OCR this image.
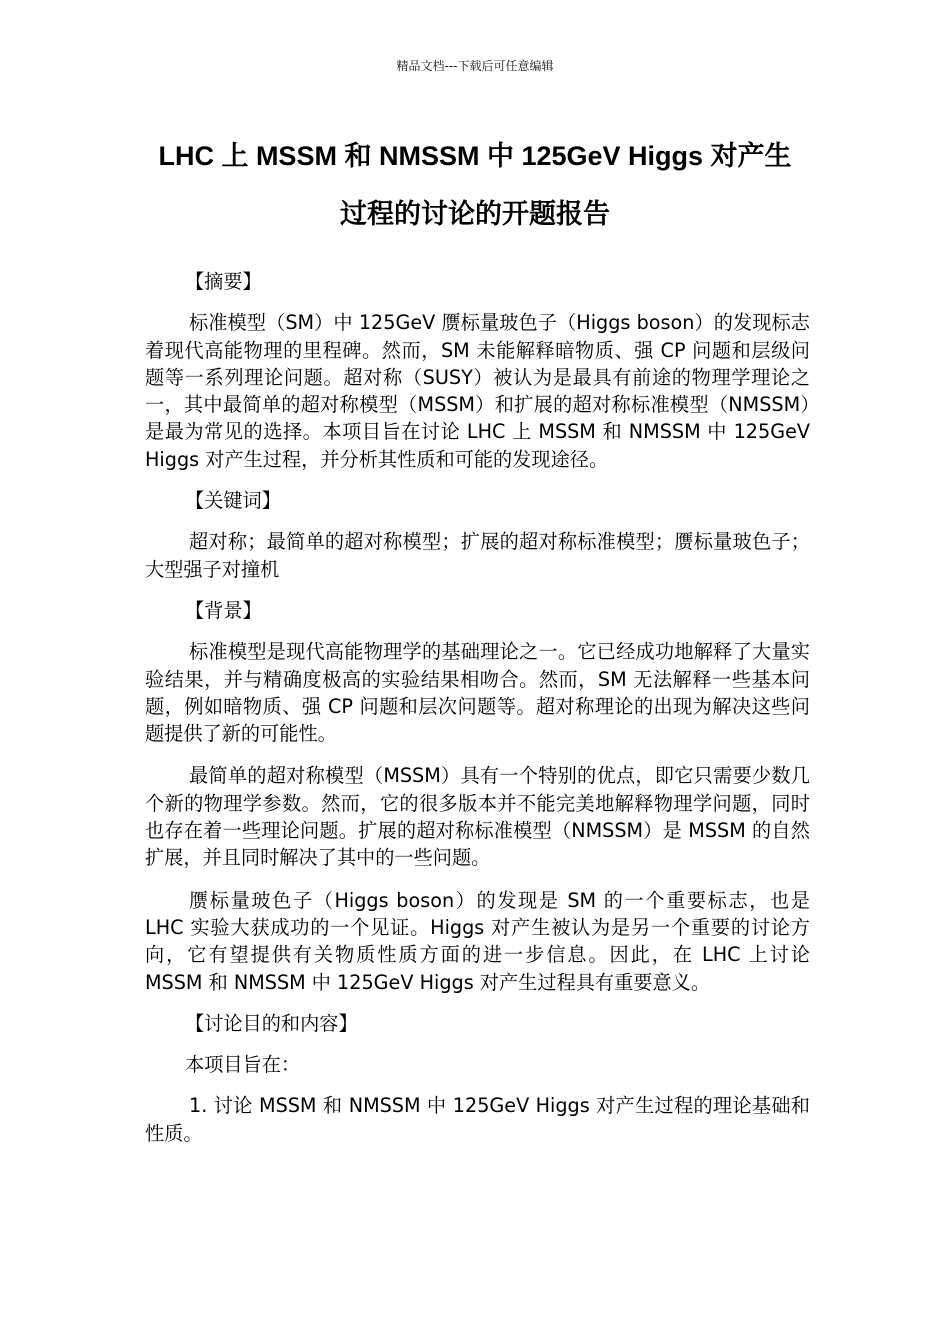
精品文档---下载后可任意编辑
LHC 上 MSSM 和 NMSSM 中 125GeV Higgs 对产生
过程的讨论的开题报告
【摘要】

标准模型（SM）中 125GeV 赝标量玻色子（Higgs boson）的发现标志着现代高能物理的里程碑。然而，SM 未能解释暗物质、强 CP 问题和层级问题等一系列理论问题。超对称（SUSY）被认为是最具有前途的物理学理论之一，其中最简单的超对称模型（MSSM）和扩展的超对称标准模型（NMSSM）是最为常见的选择。本项目旨在讨论 LHC 上 MSSM 和 NMSSM 中 125GeV Higgs 对产生过程，并分析其性质和可能的发现途径。

【关键词】

超对称；最简单的超对称模型；扩展的超对称标准模型；赝标量玻色子；大型强子对撞机

【背景】

标准模型是现代高能物理学的基础理论之一。它已经成功地解释了大量实验结果，并与精确度极高的实验结果相吻合。然而，SM 无法解释一些基本问题，例如暗物质、强 CP 问题和层次问题等。超对称理论的出现为解决这些问题提供了新的可能性。

最简单的超对称模型（MSSM）具有一个特别的优点，即它只需要少数几个新的物理学参数。然而，它的很多版本并不能完美地解释物理学问题，同时也存在着一些理论问题。扩展的超对称标准模型（NMSSM）是 MSSM 的自然扩展，并且同时解决了其中的一些问题。

赝标量玻色子（Higgs boson）的发现是 SM 的一个重要标志，也是 LHC 实验大获成功的一个见证。Higgs 对产生被认为是另一个重要的讨论方向，它有望提供有关物质性质方面的进一步信息。因此，在 LHC 上讨论 MSSM 和 NMSSM 中 125GeV Higgs 对产生过程具有重要意义。

【讨论目的和内容】
本项目旨在：

1. 讨论 MSSM 和 NMSSM 中 125GeV Higgs 对产生过程的理论基础和性质。
